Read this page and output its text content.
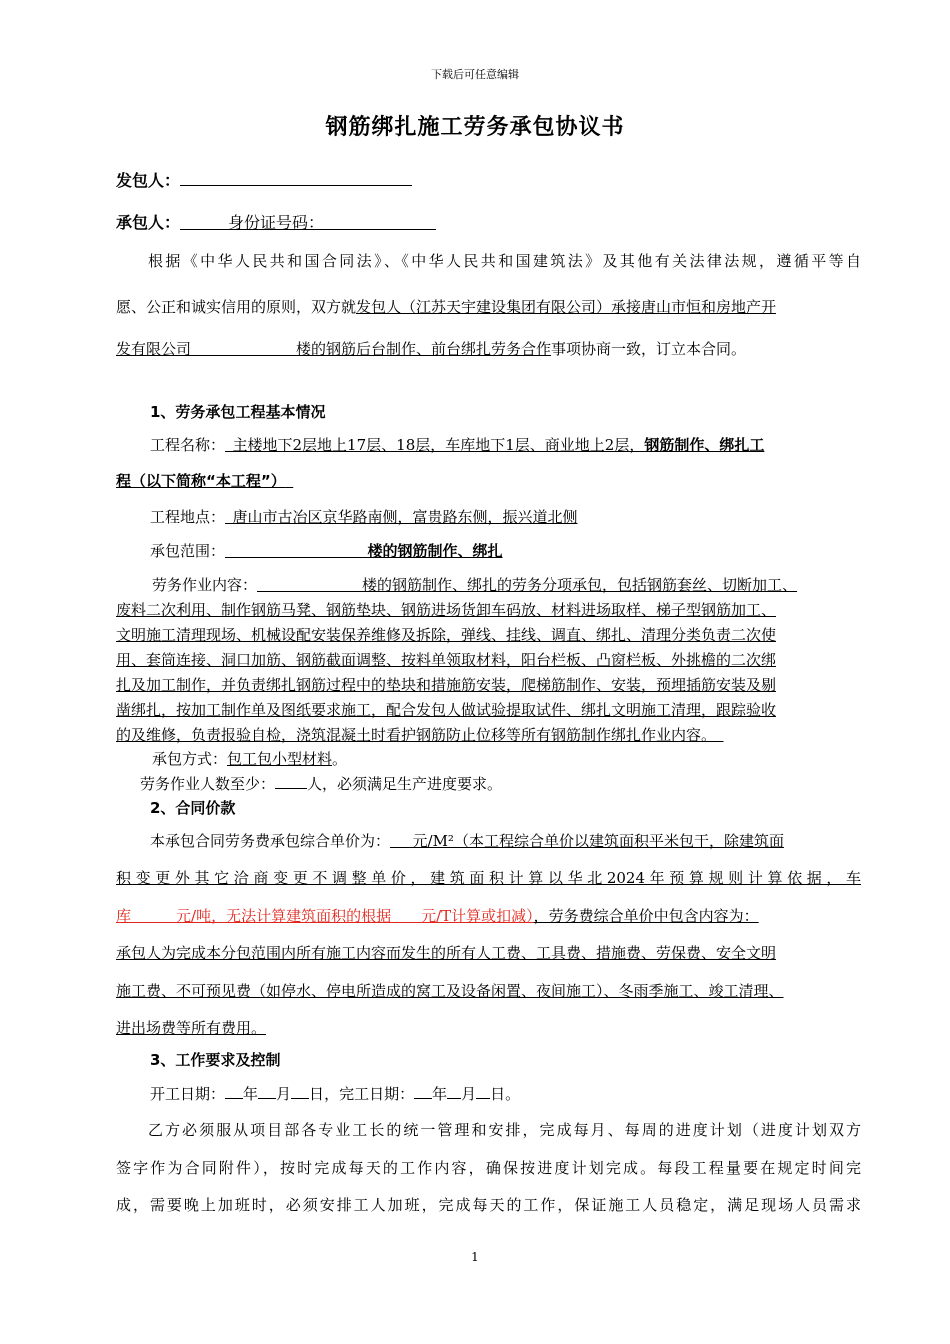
下载后可任意编辑
钢筋绑扎施工劳务承包协议书
发包人：
承包人：   	身份证号码：       
根据《中华人民共和国合同法》、《中华人民共和国建筑法》及其他有关法律法规，遵循平等自
愿、公正和诚实信用的原则，双方就发包人（江苏天宇建设集团有限公司）承接唐山市恒和房地产开
发有限公司       	楼的钢筋后台制作、前台绑扎劳务合作事项协商一致，订立本合同。
1、劳务承包工程基本情况
工程名称：  主楼地下2层地上17层、18层，车库地下1层、商业地上2层，钢筋制作、绑扎工
程（以下简称“本工程”） 
工程地点：  唐山市古冶区京华路南侧，富贵路东侧，振兴道北侧
承包范围：          	楼的钢筋制作、绑扎
劳务作业内容：       	楼的钢筋制作、绑扎的劳务分项承包，包括钢筋套丝、切断加工、
废料二次利用、制作钢筋马凳、钢筋垫块、钢筋进场货卸车码放、材料进场取样、梯子型钢筋加工、
文明施工清理现场、机械设配安装保养维修及拆除，弹线、挂线、调直、绑扎、清理分类负责二次使
用、套筒连接、洞口加筋、钢筋截面调整、按料单领取材料，阳台栏板、凸窗栏板、外挑檐的二次绑
扎及加工制作，并负责绑扎钢筋过程中的垫块和措施筋安装，爬梯筋制作、安装，预埋插筋安装及剔
凿绑扎，按加工制作单及图纸要求施工，配合发包人做试验提取试件、绑扎文明施工清理，跟踪验收
的及维修，负责报验自检，浇筑混凝土时看护钢筋防止位移等所有钢筋制作绑扎作业内容。 
承包方式：包工包小型材料。
劳务作业人数至少： 人，必须满足生产进度要求。
2、合同价款
本承包合同劳务费承包综合单价为：   元/M²（本工程综合单价以建筑面积平米包干，除建筑面
积变更外其它洽商变更不调整单价，建筑面积计算以华北2024年预算规则计算依据，车
库   	元/吨，无法计算建筑面积的根据   元/T计算或扣减），劳务费综合单价中包含内容为：
承包人为完成本分包范围内所有施工内容而发生的所有人工费、工具费、措施费、劳保费、安全文明
施工费、不可预见费（如停水、停电所造成的窝工及设备闲置、夜间施工）、冬雨季施工、竣工清理、
进出场费等所有费用。
3、工作要求及控制
开工日期： 年 月 日，完工日期： 年 月 日。
乙方必须服从项目部各专业工长的统一管理和安排，完成每月、每周的进度计划（进度计划双方
签字作为合同附件），按时完成每天的工作内容，确保按进度计划完成。每段工程量要在规定时间完
成，需要晚上加班时，必须安排工人加班，完成每天的工作，保证施工人员稳定，满足现场人员需求
1
